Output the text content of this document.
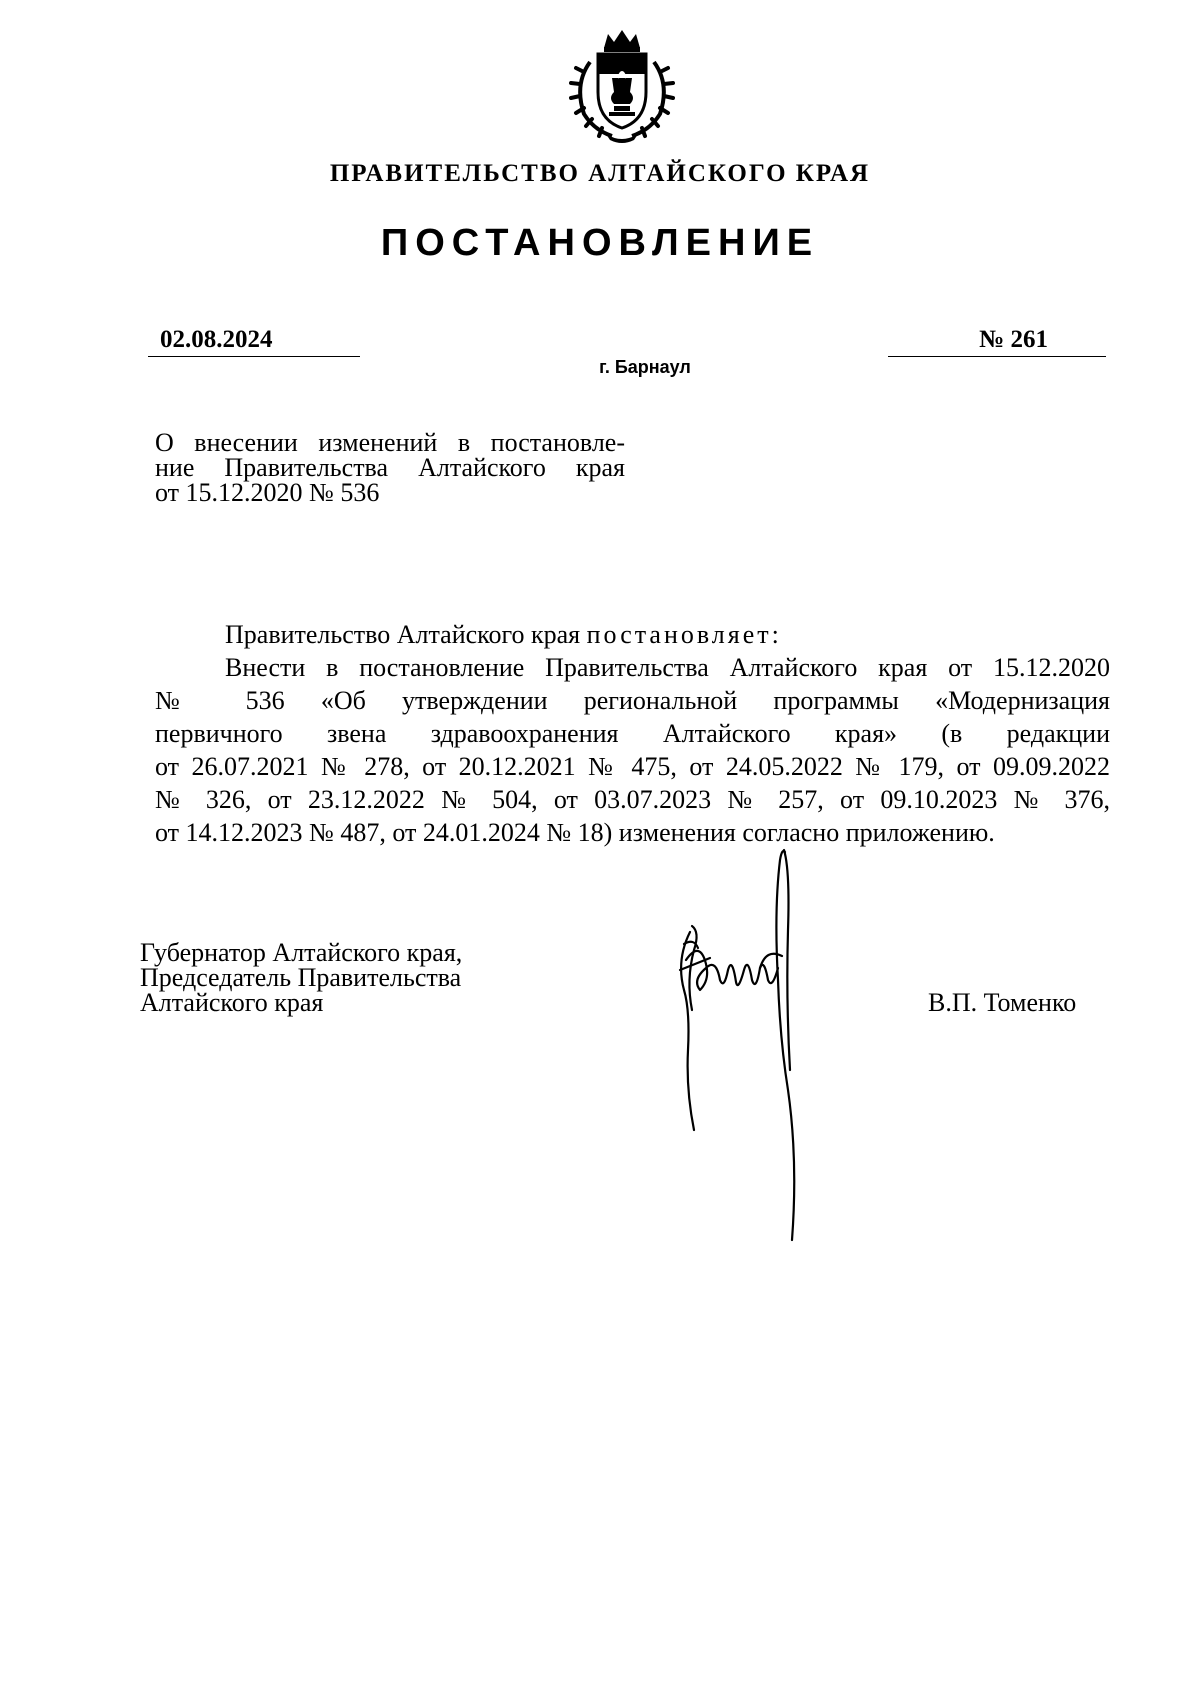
ПРАВИТЕЛЬСТВО АЛТАЙСКОГО КРАЯ
ПОСТАНОВЛЕНИЕ
02.08.2024	№ 261
г. Барнаул
О внесении изменений в постановле-
ние Правительства Алтайского края
от 15.12.2020 № 536
Правительство Алтайского края постановляет:
Внести в постановление Правительства Алтайского края от 15.12.2020
№ 536 «Об утверждении региональной программы «Модернизация
первичного звена здравоохранения Алтайского края» (в редакции
от 26.07.2021 № 278, от 20.12.2021 № 475, от 24.05.2022 № 179, от 09.09.2022
№ 326, от 23.12.2022 № 504, от 03.07.2023 № 257, от 09.10.2023 № 376,
от 14.12.2023 № 487, от 24.01.2024 № 18) изменения согласно приложению.
Губернатор Алтайского края,
Председатель Правительства
Алтайского края	В.П. Томенко
